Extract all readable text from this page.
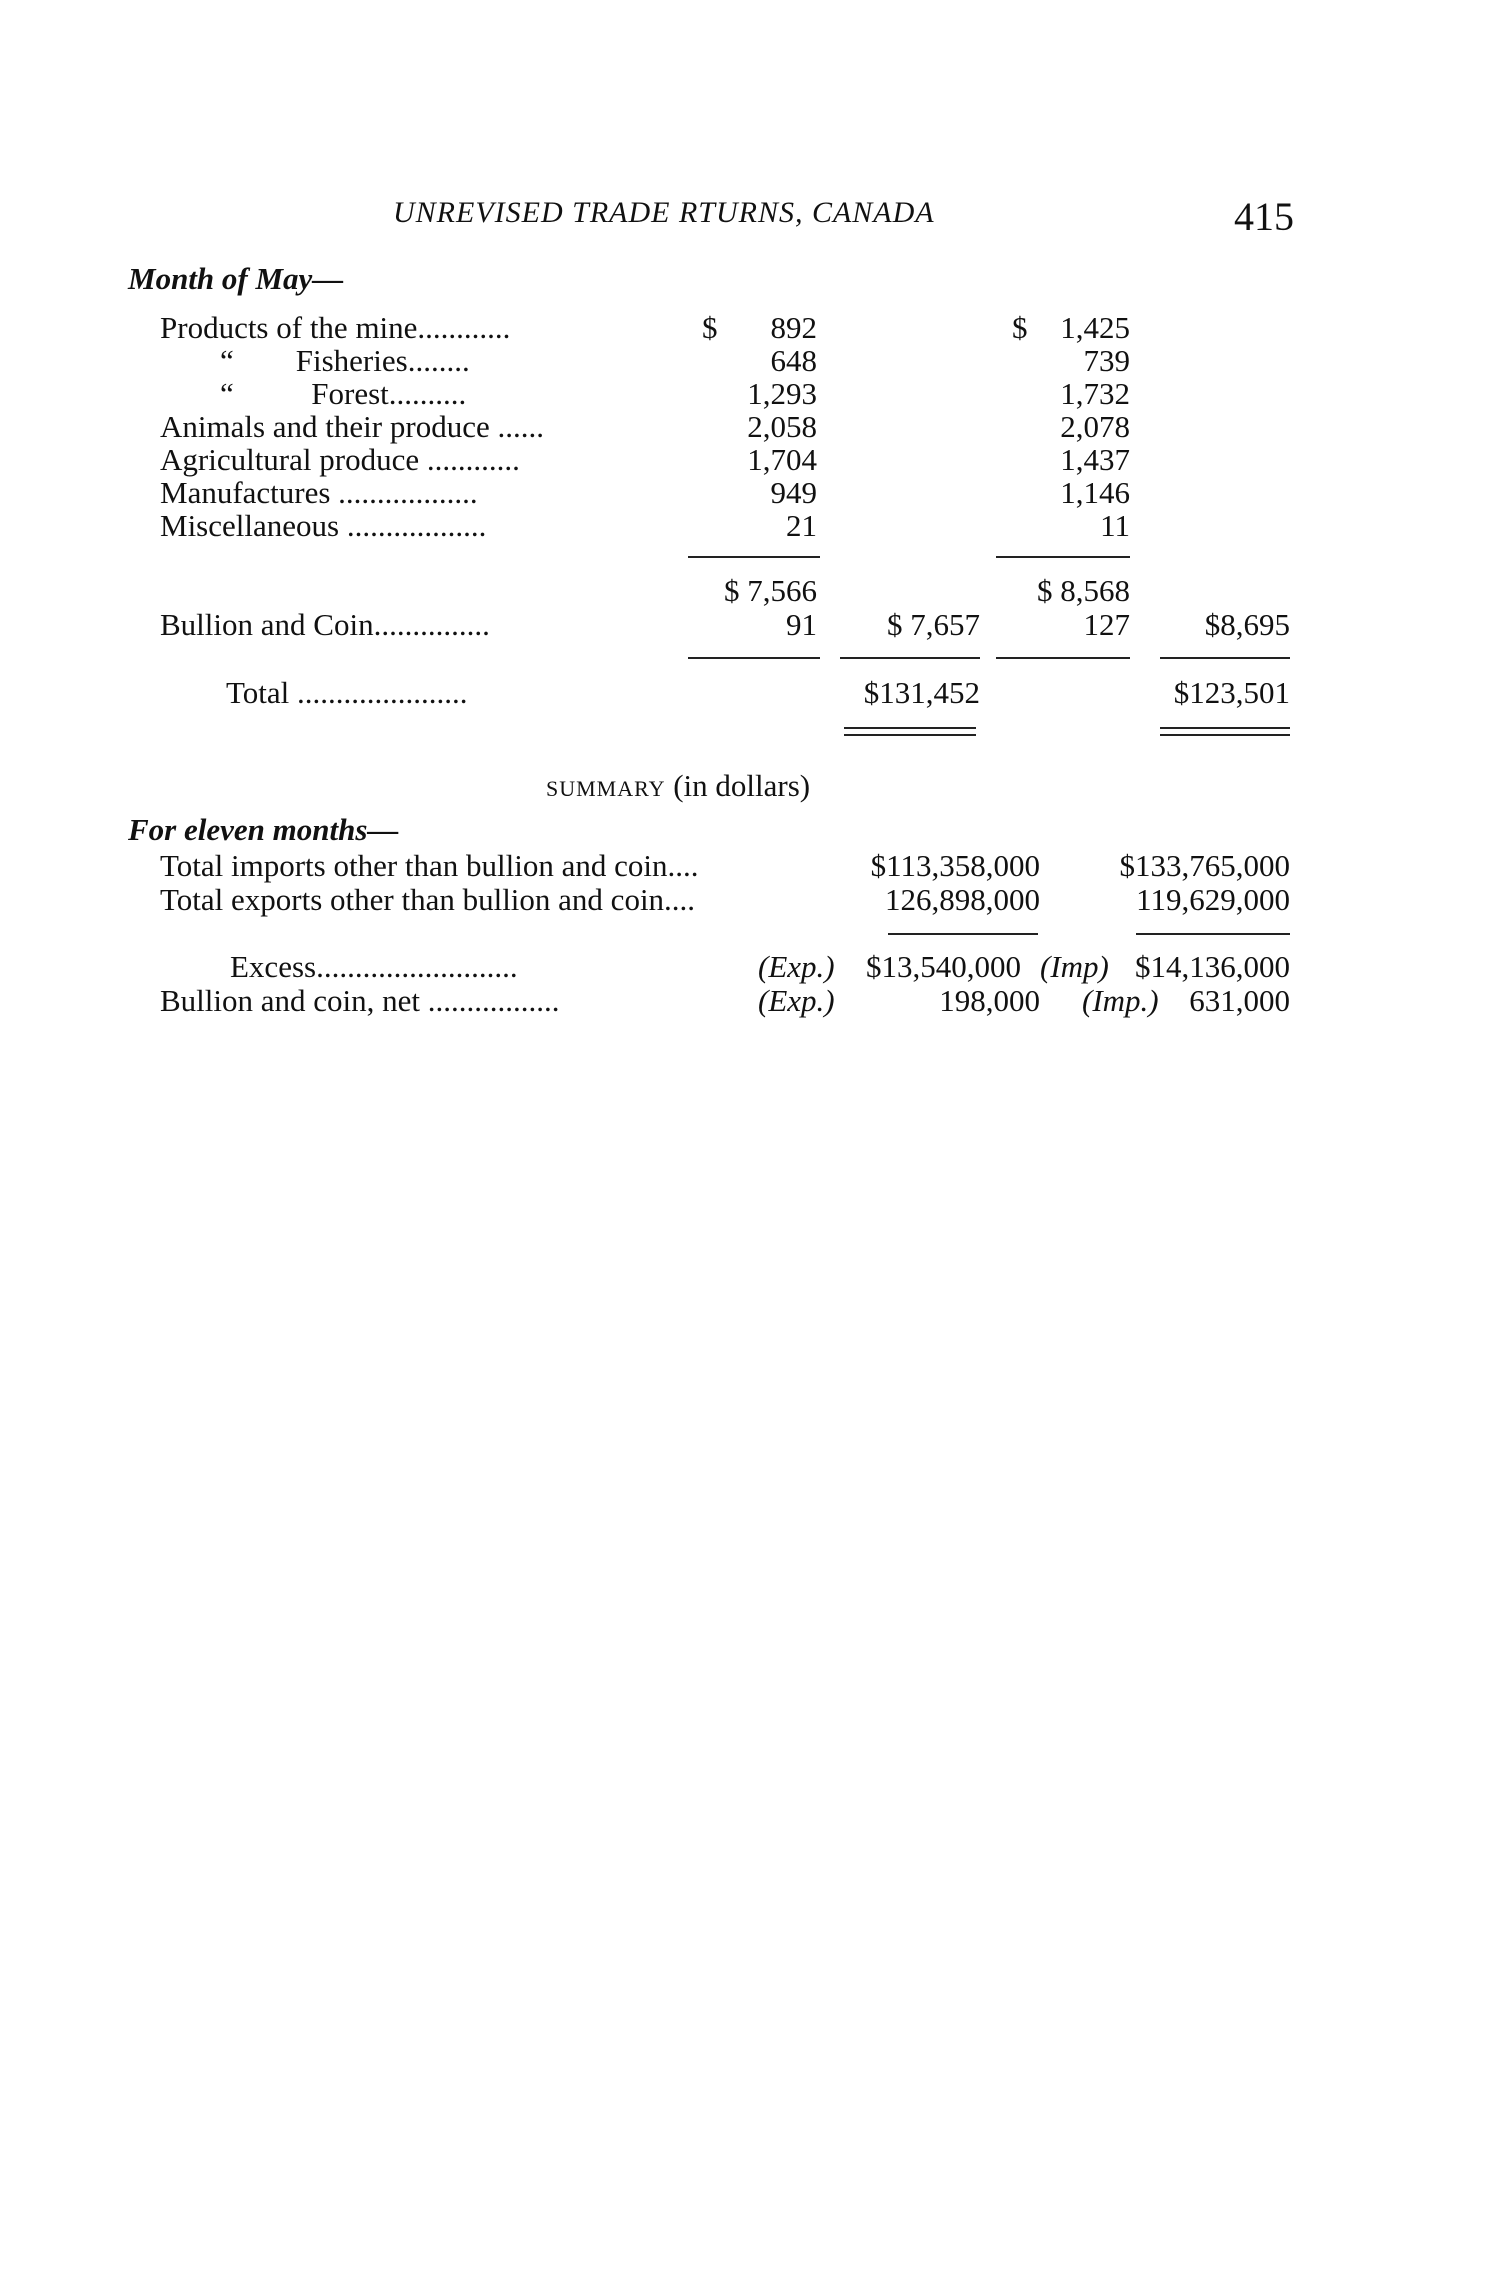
UNREVISED TRADE RTURNS, CANADA	415
Month of May—
Products of the mine............	$	892	$	1,425
“        Fisheries........	648	739
“          Forest..........	1,293	1,732
Animals and their produce ......	2,058	2,078
Agricultural produce ............	1,704	1,437
Manufactures ..................	949	1,146
Miscellaneous ..................	21	11
$ 7,566	$ 8,568
Bullion and Coin...............	91	$ 7,657	127	$8,695
Total ......................	$131,452	$123,501
summary (in dollars)
For eleven months—
Total imports other than bullion and coin....	$113,358,000	$133,765,000
Total exports other than bullion and coin....	126,898,000	119,629,000
Excess..........................	(Exp.) $13,540,000 (Imp) $14,136,000
Bullion and coin, net .................	(Exp.)	198,000 (Imp.) 631,000
